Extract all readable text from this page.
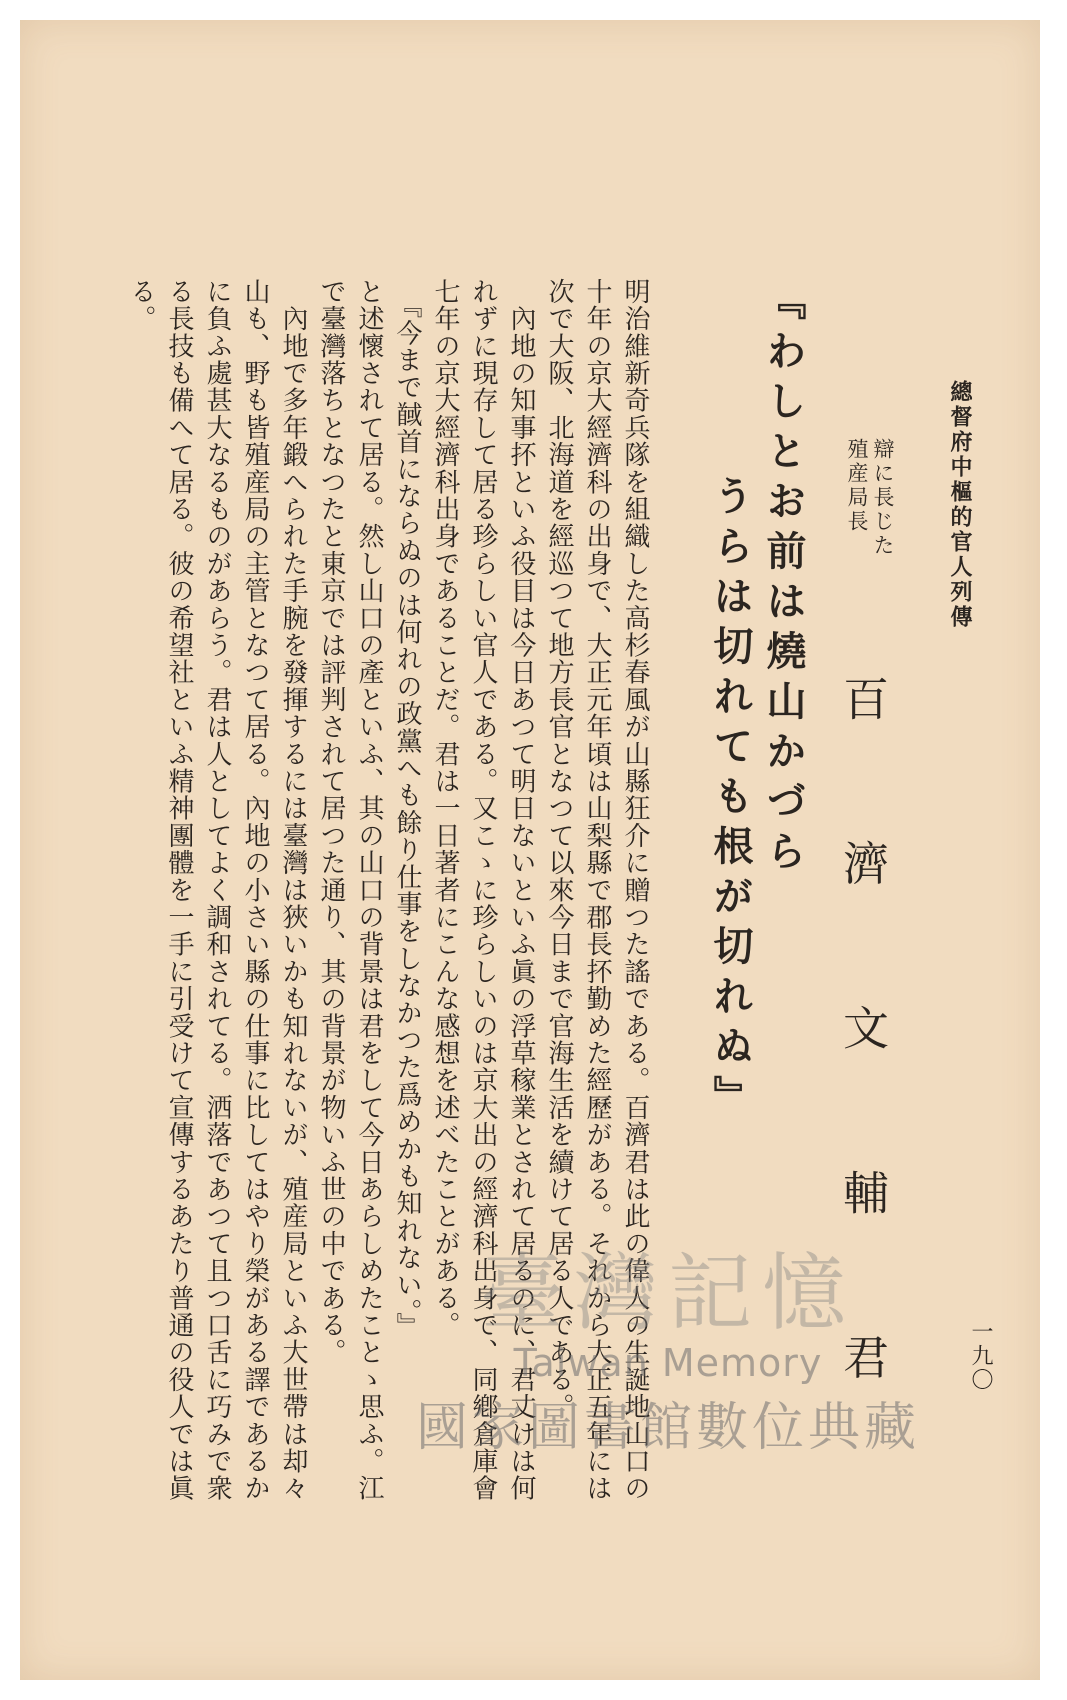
總督府中樞的官人列傳
一九〇
百 濟 文 輔 君
辯に長じた
殖産局長
『わしとお前は燒山かづら
うらは切れても根が切れぬ』
明治維新奇兵隊を組織した高杉春風が山縣狂介に贈つた謠である。百濟君は此の偉人の生誕地山口の
十年の京大經濟科の出身で、大正元年頃は山梨縣で郡長抔勤めた經歷がある。それから大正五年には
次で大阪、北海道を經巡つて地方長官となつて以來今日まで官海生活を續けて居る人である。
　內地の知事抔といふ役目は今日あつて明日ないといふ眞の浮草稼業とされて居るのに、君丈けは何
れずに現存して居る珍らしい官人である。又こゝに珍らしいのは京大出の經濟科出身で、同鄕倉庫會
七年の京大經濟科出身であることだ。君は一日著者にこんな感想を述べたことがある。
　『今まで馘首にならぬのは何れの政黨へも餘り仕事をしなかつた爲めかも知れない。』
と述懷されて居る。然し山口の產といふ、其の山口の背景は君をして今日あらしめたことゝ思ふ。江
で臺灣落ちとなつたと東京では評判されて居つた通り、其の背景が物いふ世の中である。
　內地で多年鍛へられた手腕を發揮するには臺灣は狹いかも知れないが、殖産局といふ大世帶は却々
山も、野も皆殖産局の主管となつて居る。內地の小さい縣の仕事に比してはやり榮がある譯であるか
に負ふ處甚大なるものがあらう。君は人としてよく調和されてる。洒落であつて且つ口舌に巧みで衆
る長技も備へて居る。彼の希望社といふ精神團體を一手に引受けて宣傳するあたり普通の役人では眞
る。
臺灣記憶
Taiwan Memory
國家圖書館數位典藏
